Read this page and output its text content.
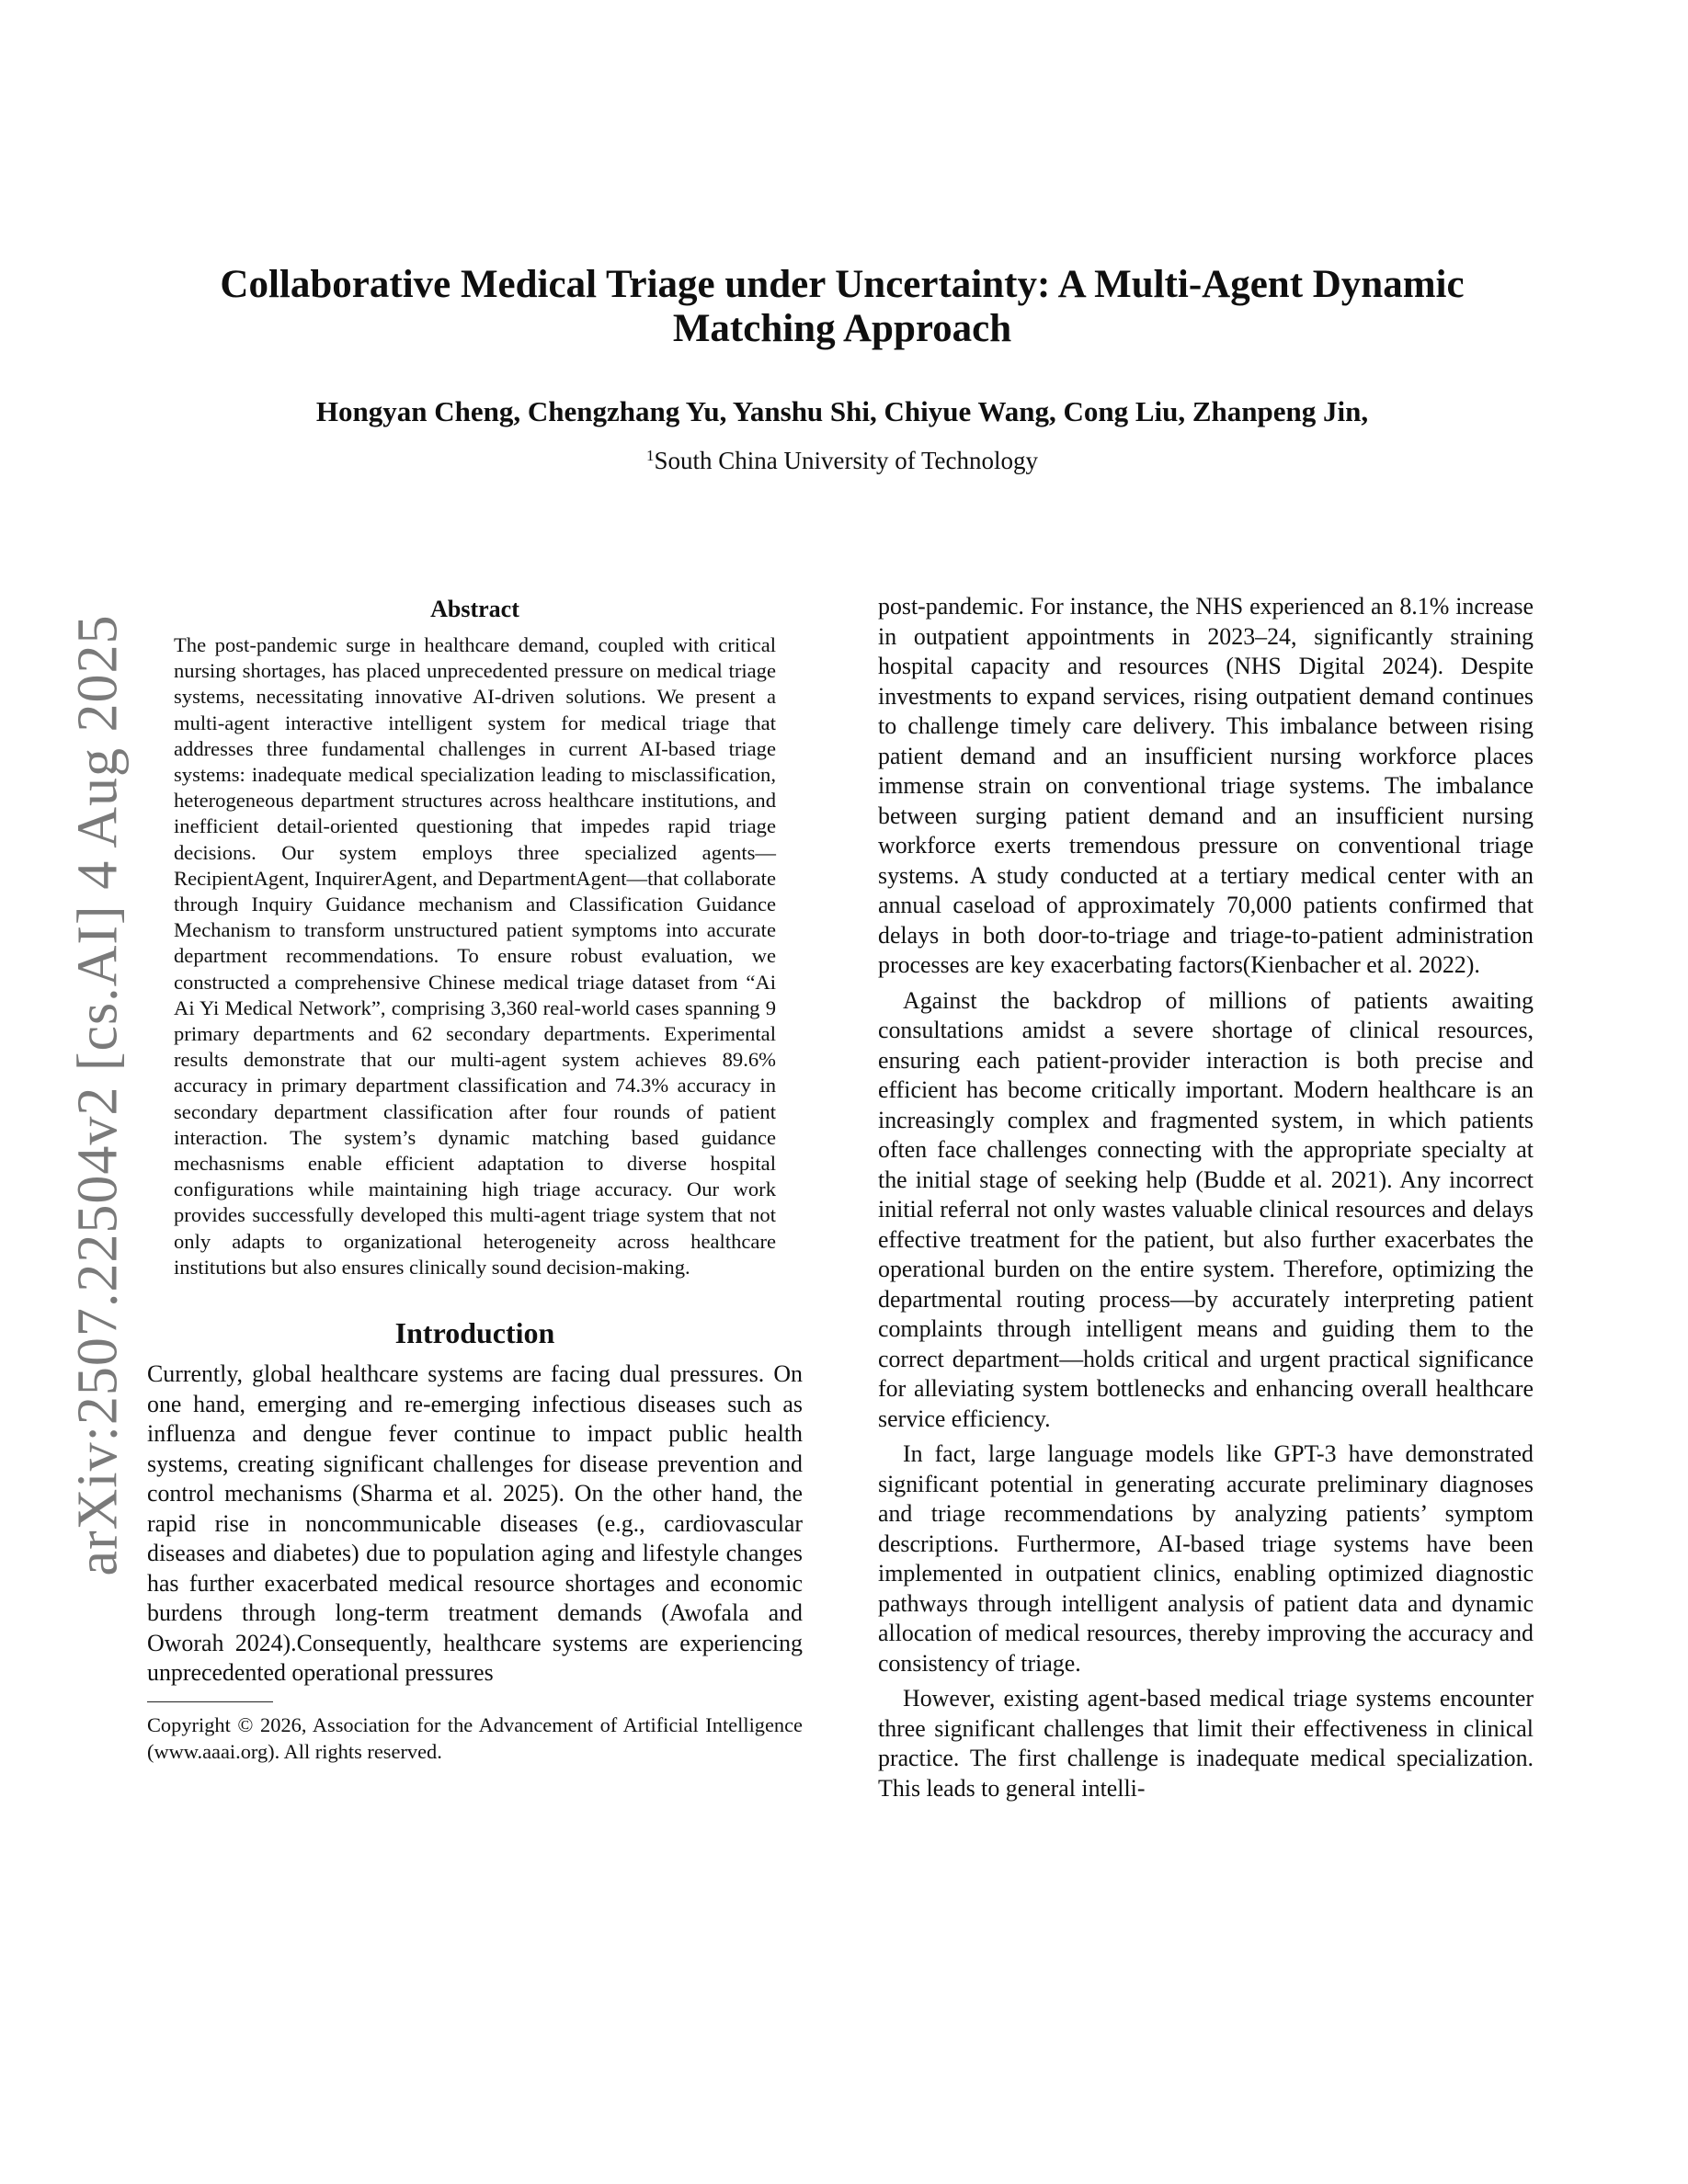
arXiv:2507.22504v2 [cs.AI] 4 Aug 2025
Collaborative Medical Triage under Uncertainty: A Multi-Agent Dynamic Matching Approach
Hongyan Cheng, Chengzhang Yu, Yanshu Shi, Chiyue Wang, Cong Liu, Zhanpeng Jin,
$^1$South China University of Technology
Abstract

The post-pandemic surge in healthcare demand, coupled with critical nursing shortages, has placed unprecedented pressure on medical triage systems, necessitating innovative AI-driven solutions. We present a multi-agent interactive intelligent system for medical triage that addresses three fundamental challenges in current AI-based triage systems: inadequate medical specialization leading to misclassification, heterogeneous department structures across healthcare institutions, and inefficient detail-oriented questioning that impedes rapid triage decisions. Our system employs three specialized agents—RecipientAgent, InquirerAgent, and DepartmentAgent—that collaborate through Inquiry Guidance mechanism and Classification Guidance Mechanism to transform unstructured patient symptoms into accurate department recommendations. To ensure robust evaluation, we constructed a comprehensive Chinese medical triage dataset from “Ai Ai Yi Medical Network”, comprising 3,360 real-world cases spanning 9 primary departments and 62 secondary departments. Experimental results demonstrate that our multi-agent system achieves 89.6% accuracy in primary department classification and 74.3% accuracy in secondary department classification after four rounds of patient interaction. The system’s dynamic matching based guidance mechasnisms enable efficient adaptation to diverse hospital configurations while maintaining high triage accuracy. Our work provides successfully developed this multi-agent triage system that not only adapts to organizational heterogeneity across healthcare institutions but also ensures clinically sound decision-making.

Introduction

Currently, global healthcare systems are facing dual pressures. On one hand, emerging and re-emerging infectious diseases such as influenza and dengue fever continue to impact public health systems, creating significant challenges for disease prevention and control mechanisms (Sharma et al. 2025). On the other hand, the rapid rise in noncommunicable diseases (e.g., cardiovascular diseases and diabetes) due to population aging and lifestyle changes has further exacerbated medical resource shortages and economic burdens through long-term treatment demands (Awofala and Oworah 2024).Consequently, healthcare systems are experiencing unprecedented operational pressures

Copyright © 2026, Association for the Advancement of Artificial Intelligence (www.aaai.org). All rights reserved.

post-pandemic. For instance, the NHS experienced an 8.1% increase in outpatient appointments in 2023–24, significantly straining hospital capacity and resources (NHS Digital 2024). Despite investments to expand services, rising outpatient demand continues to challenge timely care delivery. This imbalance between rising patient demand and an insufficient nursing workforce places immense strain on conventional triage systems. The imbalance between surging patient demand and an insufficient nursing workforce exerts tremendous pressure on conventional triage systems. A study conducted at a tertiary medical center with an annual caseload of approximately 70,000 patients confirmed that delays in both door-to-triage and triage-to-patient administration processes are key exacerbating factors(Kienbacher et al. 2022).

Against the backdrop of millions of patients awaiting consultations amidst a severe shortage of clinical resources, ensuring each patient-provider interaction is both precise and efficient has become critically important. Modern healthcare is an increasingly complex and fragmented system, in which patients often face challenges connecting with the appropriate specialty at the initial stage of seeking help (Budde et al. 2021). Any incorrect initial referral not only wastes valuable clinical resources and delays effective treatment for the patient, but also further exacerbates the operational burden on the entire system. Therefore, optimizing the departmental routing process—by accurately interpreting patient complaints through intelligent means and guiding them to the correct department—holds critical and urgent practical significance for alleviating system bottlenecks and enhancing overall healthcare service efficiency.

In fact, large language models like GPT-3 have demonstrated significant potential in generating accurate preliminary diagnoses and triage recommendations by analyzing patients’ symptom descriptions. Furthermore, AI-based triage systems have been implemented in outpatient clinics, enabling optimized diagnostic pathways through intelligent analysis of patient data and dynamic allocation of medical resources, thereby improving the accuracy and consistency of triage.

However, existing agent-based medical triage systems encounter three significant challenges that limit their effectiveness in clinical practice. The first challenge is inadequate medical specialization. This leads to general intelli-
